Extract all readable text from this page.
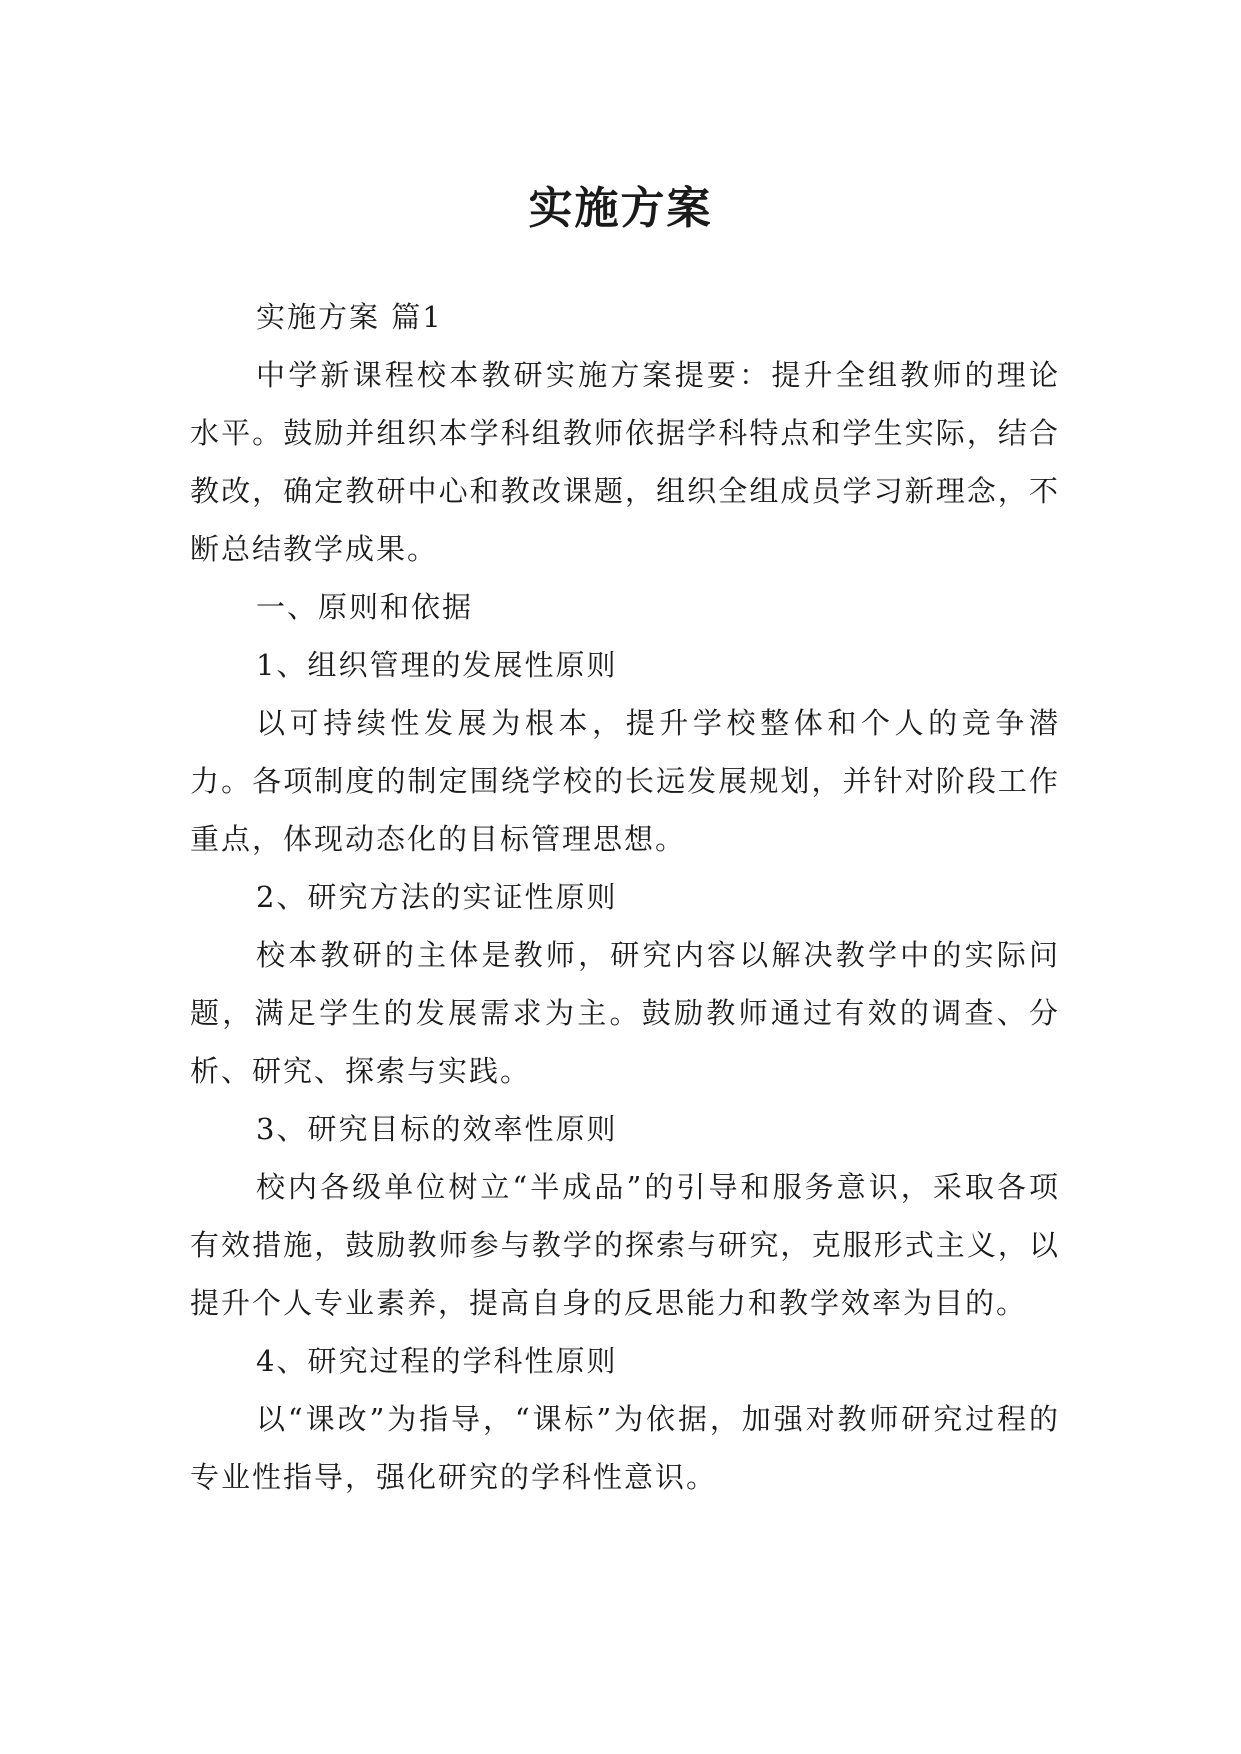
实施方案

实施方案 篇1

中学新课程校本教研实施方案提要：提升全组教师的理论水平。鼓励并组织本学科组教师依据学科特点和学生实际，结合教改，确定教研中心和教改课题，组织全组成员学习新理念，不断总结教学成果。

一、原则和依据

1、组织管理的发展性原则

以可持续性发展为根本，提升学校整体和个人的竞争潜力。各项制度的制定围绕学校的长远发展规划，并针对阶段工作重点，体现动态化的目标管理思想。

2、研究方法的实证性原则

校本教研的主体是教师，研究内容以解决教学中的实际问题，满足学生的发展需求为主。鼓励教师通过有效的调查、分析、研究、探索与实践。

3、研究目标的效率性原则

校内各级单位树立“半成品”的引导和服务意识，采取各项有效措施，鼓励教师参与教学的探索与研究，克服形式主义，以提升个人专业素养，提高自身的反思能力和教学效率为目的。

4、研究过程的学科性原则

以“课改”为指导，“课标”为依据，加强对教师研究过程的专业性指导，强化研究的学科性意识。
